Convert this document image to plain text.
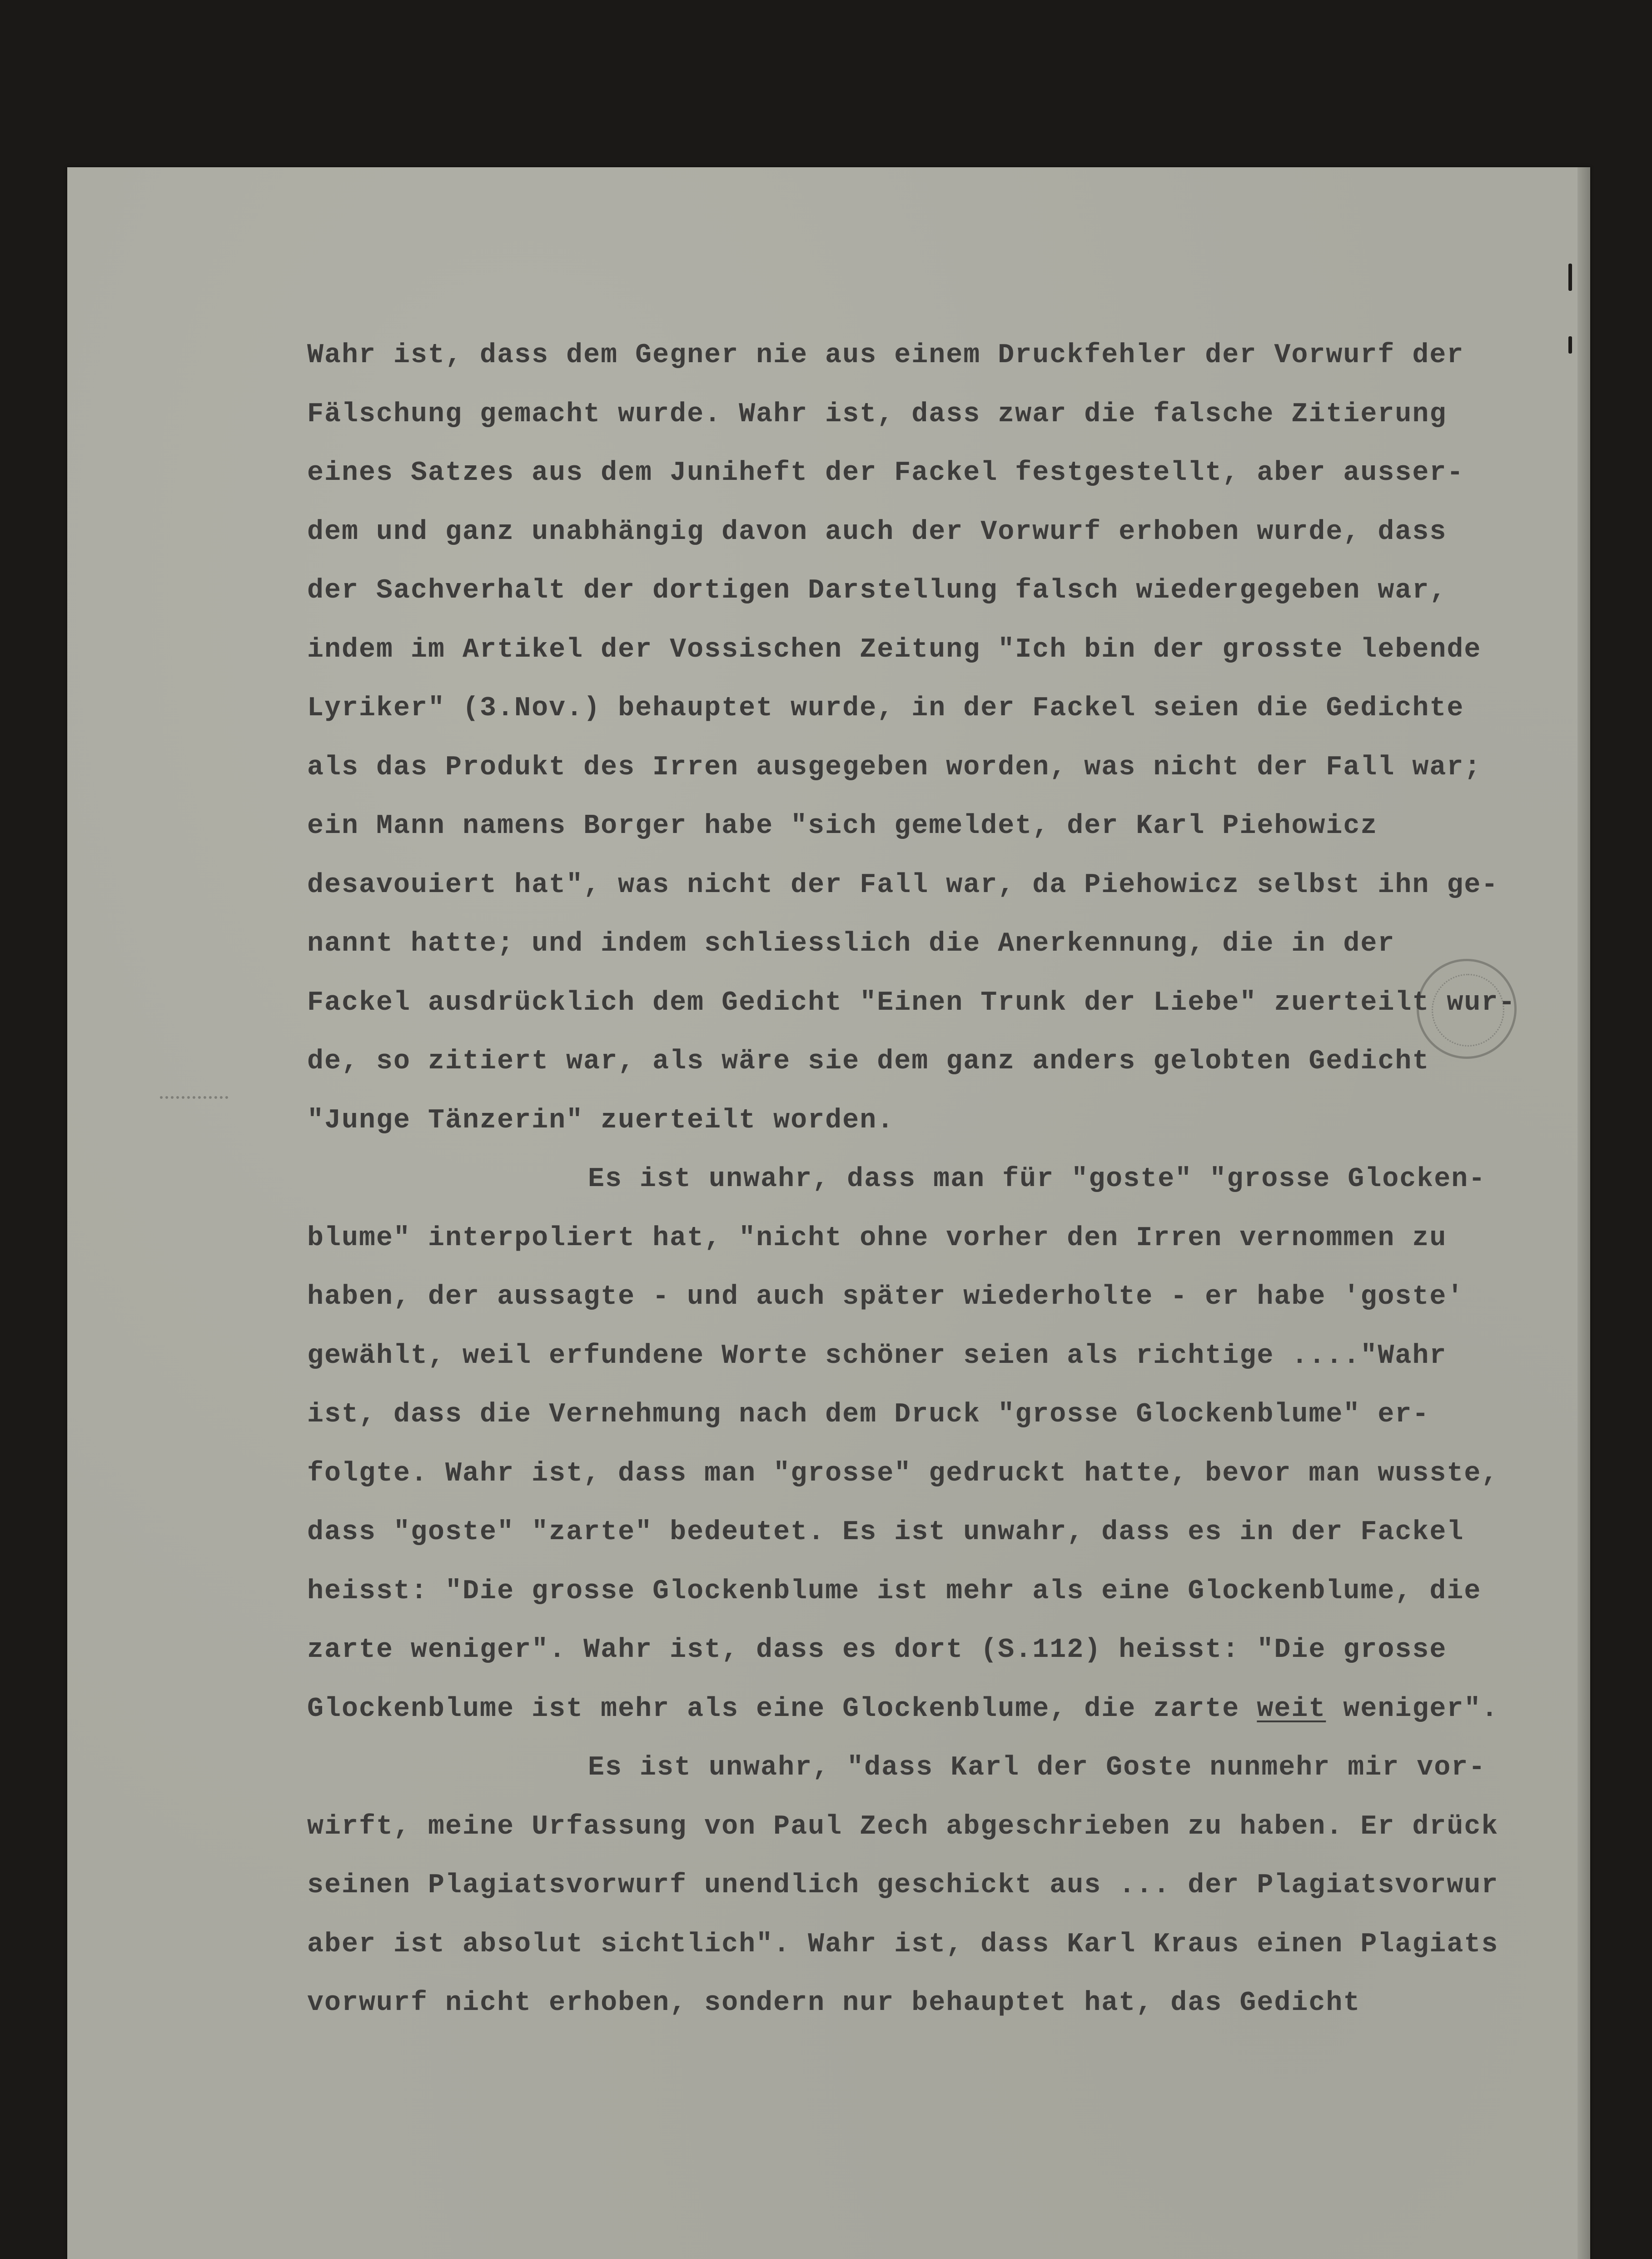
Wahr ist, dass dem Gegner nie aus einem Druckfehler der Vorwurf der
Fälschung gemacht wurde. Wahr ist, dass zwar die falsche Zitierung
eines Satzes aus dem Juniheft der Fackel festgestellt, aber ausser-
dem und ganz unabhängig davon auch der Vorwurf erhoben wurde, dass
der Sachverhalt der dortigen Darstellung falsch wiedergegeben war,
indem im Artikel der Vossischen Zeitung "Ich bin der grosste lebende
Lyriker" (3.Nov.) behauptet wurde, in der Fackel seien die Gedichte
als das Produkt des Irren ausgegeben worden, was nicht der Fall war;
ein Mann namens Borger habe "sich gemeldet, der Karl Piehowicz
desavouiert hat", was nicht der Fall war, da Piehowicz selbst ihn ge-
nannt hatte; und indem schliesslich die Anerkennung, die in der
Fackel ausdrücklich dem Gedicht "Einen Trunk der Liebe" zuerteilt wur-
de, so zitiert war, als wäre sie dem ganz anders gelobten Gedicht
"Junge Tänzerin" zuerteilt worden.
Es ist unwahr, dass man für "goste" "grosse Glocken-
blume" interpoliert hat, "nicht ohne vorher den Irren vernommen zu
haben, der aussagte - und auch später wiederholte - er habe 'goste'
gewählt, weil erfundene Worte schöner seien als richtige ...."Wahr
ist, dass die Vernehmung nach dem Druck "grosse Glockenblume" er-
folgte. Wahr ist, dass man "grosse" gedruckt hatte, bevor man wusste,
dass "goste" "zarte" bedeutet. Es ist unwahr, dass es in der Fackel
heisst: "Die grosse Glockenblume ist mehr als eine Glockenblume, die
zarte weniger". Wahr ist, dass es dort (S.112) heisst: "Die grosse
Glockenblume ist mehr als eine Glockenblume, die zarte weit weniger".
Es ist unwahr, "dass Karl der Goste nunmehr mir vor-
wirft, meine Urfassung von Paul Zech abgeschrieben zu haben. Er drück
seinen Plagiatsvorwurf unendlich geschickt aus ... der Plagiatsvorwur
aber ist absolut sichtlich". Wahr ist, dass Karl Kraus einen Plagiats
vorwurf nicht erhoben, sondern nur behauptet hat, das Gedicht
